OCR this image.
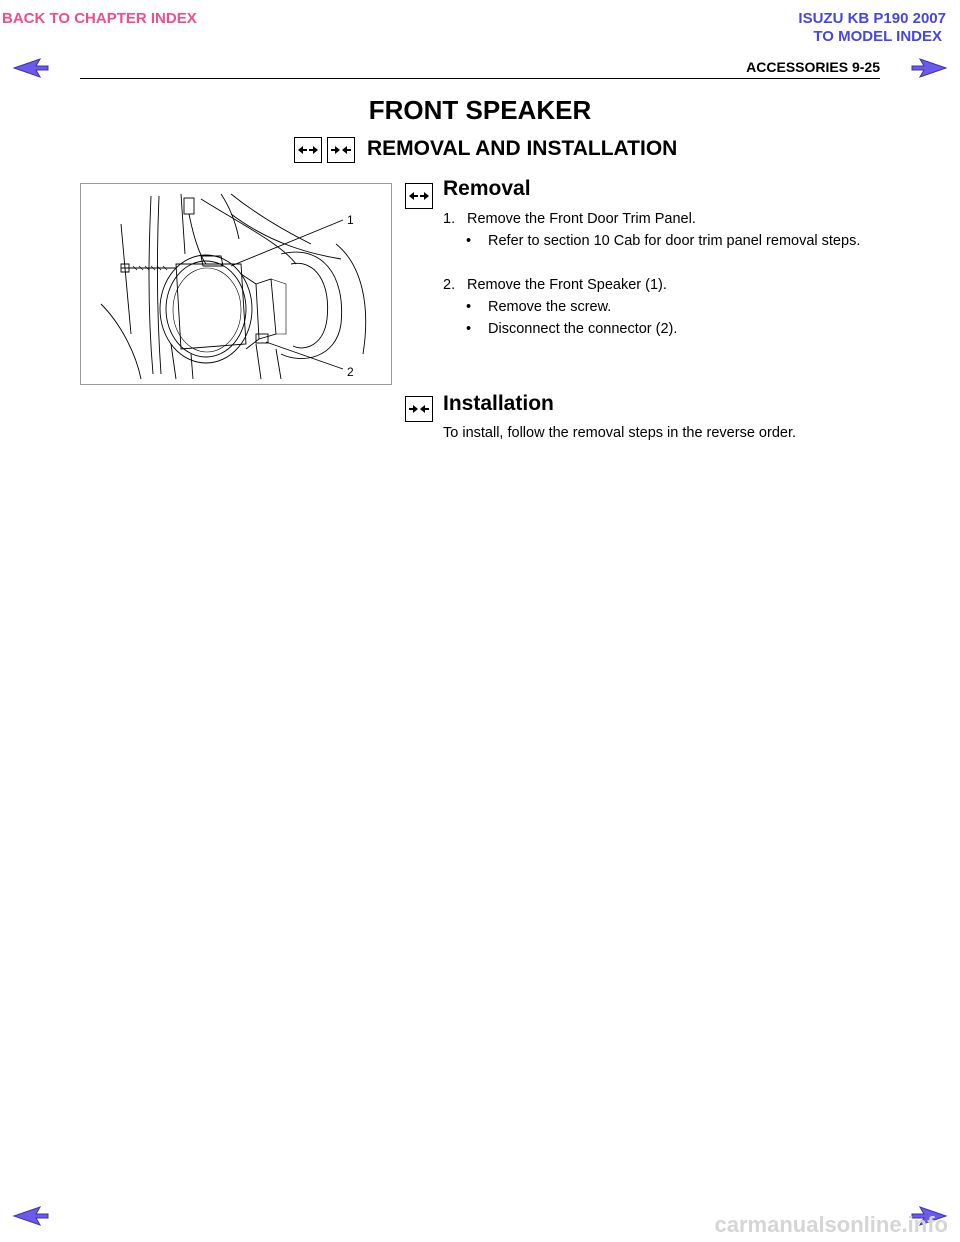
BACK TO CHAPTER INDEX	ISUZU KB P190 2007
TO MODEL INDEX
ACCESSORIES 9-25
FRONT SPEAKER
REMOVAL AND INSTALLATION
1
2
Removal
1. Remove the Front Door Trim Panel.
•	Refer to section 10 Cab for door trim panel removal steps.
2. Remove the Front Speaker (1).
•	Remove the screw.
•	Disconnect the connector (2).
Installation
To install, follow the removal steps in the reverse order.
carmanualsonline.info
